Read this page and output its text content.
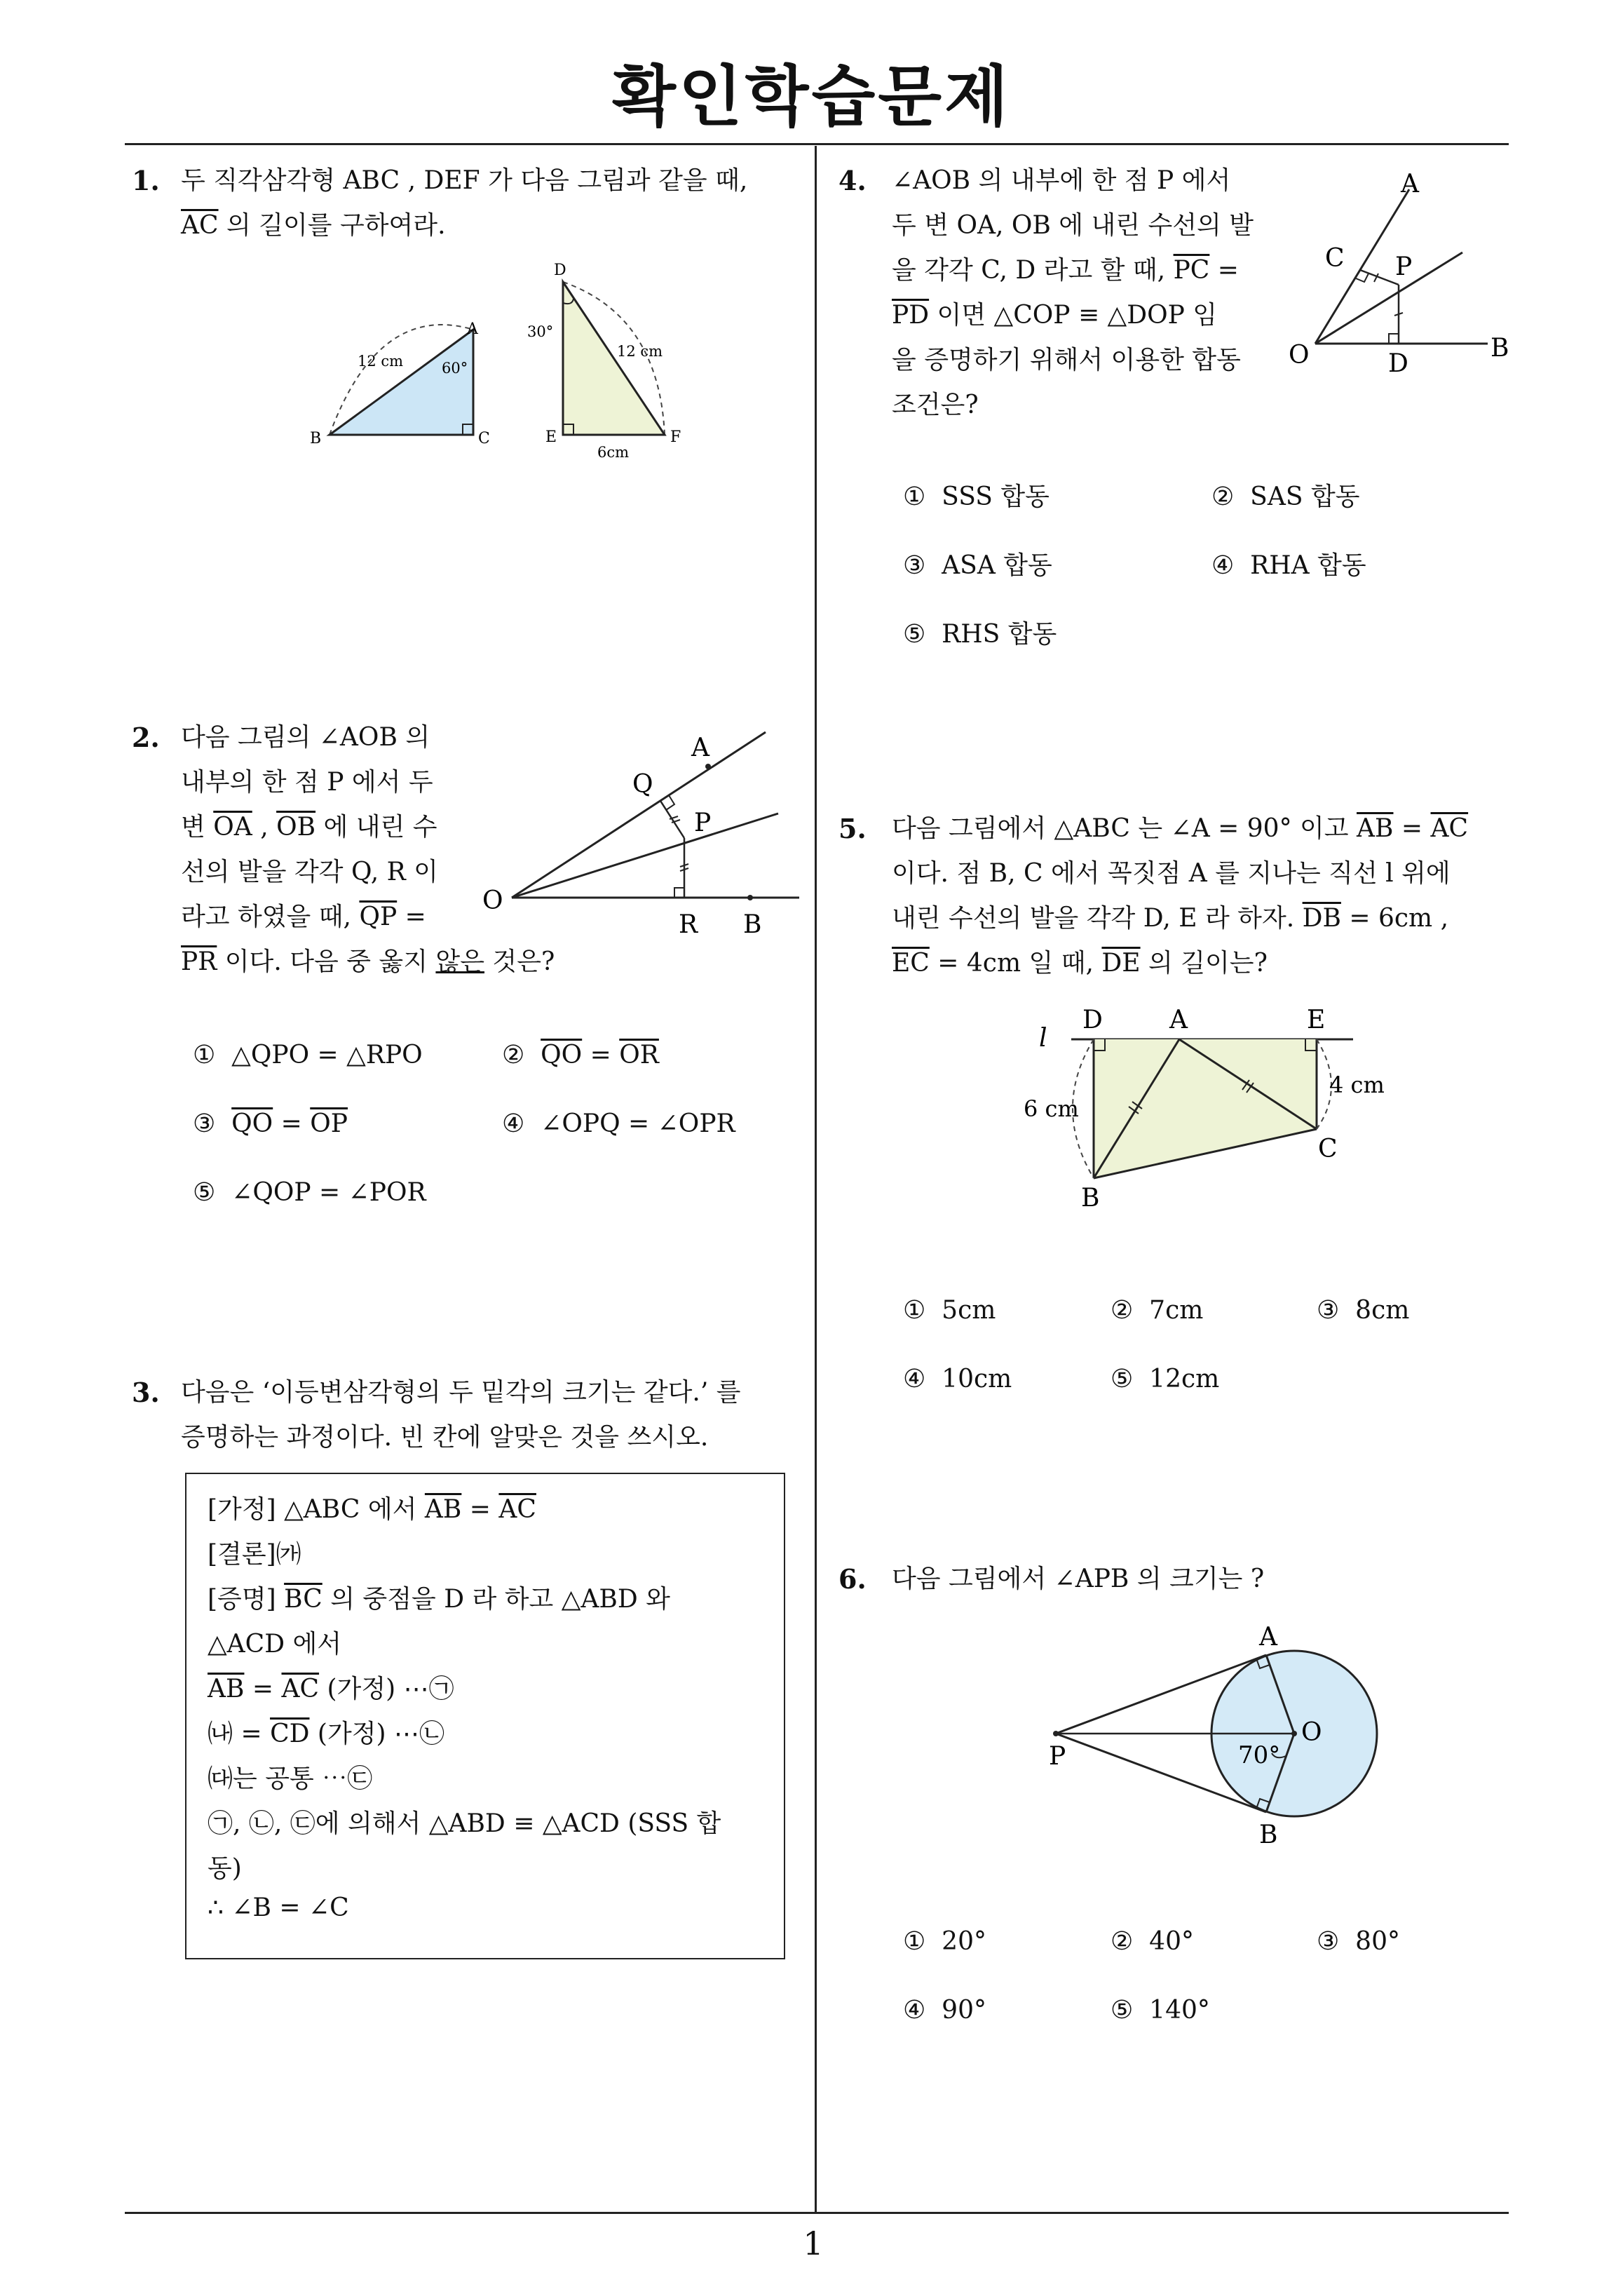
확인학습문제
1
1. 두 직각삼각형 ABC , DEF 가 다음 그림과 같을 때,
$\overline{AC}$ 의 길이를 구하여라.
A
B	C
60°
12 cm
D
E	F
30°
12 cm
6cm
2. 다음 그림의 ∠AOB 의
내부의 한 점 P 에서 두
변 $\overline{OA}$ , $\overline{OB}$ 에 내린 수
선의 발을 각각 Q, R 이
라고 하였을 때, $\overline{QP}$ =
$\overline{PR}$ 이다. 다음 중 옳지 않은 것은?
A
Q
P
O
R B
① △QPO = △RPO	② $\overline{QO} = \overline{OR}$
③ $\overline{QO} = \overline{OP}$	④ ∠OPQ = ∠OPR
⑤ ∠QOP = ∠POR
3. 다음은 ‘이등변삼각형의 두 밑각의 크기는 같다.’ 를
증명하는 과정이다. 빈 칸에 알맞은 것을 쓰시오.
[가정] △ABC 에서 $\overline{AB} = \overline{AC}$
[결론]㈎
[증명] $\overline{BC}$ 의 중점을 D 라 하고 △ABD 와
△ACD 에서
$\overline{AB} = \overline{AC}$ (가정) ⋯㉠
㈏ = $\overline{CD}$ (가정) ⋯㉡
㈐는 공통 ⋯㉢
㉠, ㉡, ㉢에 의해서 △ABD ≡ △ACD (SSS 합
동)
∴ ∠B = ∠C
4. ∠AOB 의 내부에 한 점 P 에서
두 변 OA, OB 에 내린 수선의 발
을 각각 C, D 라고 할 때, $\overline{PC}$ =
$\overline{PD}$ 이면 △COP ≡ △DOP 임
을 증명하기 위해서 이용한 합동
조건은?
A
C P
O	D
B
① SSS 합동	② SAS 합동
③ ASA 합동	④ RHA 합동
⑤ RHS 합동
5. 다음 그림에서 △ABC 는 ∠A = 90° 이고 $\overline{AB} = \overline{AC}$
이다. 점 B, C 에서 꼭짓점 A 를 지나는 직선 l 위에
내린 수선의 발을 각각 D, E 라 하자. $\overline{DB} = 6cm$ ,
$\overline{EC} = 4cm$ 일 때, $\overline{DE}$ 의 길이는?
l
D	A	E
B
C
6 cm
4 cm
① 5cm	② 7cm	③ 8cm
④ 10cm	⑤ 12cm
6. 다음 그림에서 ∠APB 의 크기는 ?
A
O
P
B
70°
① 20°	② 40°	③ 80°
④ 90°	⑤ 140°
